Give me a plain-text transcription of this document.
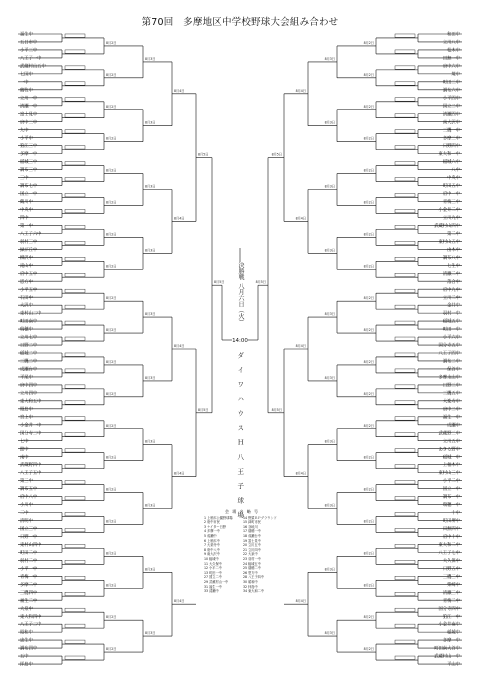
第70回　多摩地区中学校野球大会組み合わせ
福生中
五日市中
小平三中
八王子一中
武蔵村山五中
七国中
一中
鶴牧中
立川一中
清瀬一中
富士見中
府中三中
九中
小平中
狛江三中
多摩一中
稲城三中
調布三中
三中
調布七中
国立一中
鶴川中
中央中
四中
第一中
八王子六中
羽村三中
緑が丘中
柳沢中
滝山中
府中五中
恩方中
小平五中
石田中
大沢中
東村山二中
町田南中
瑞穂中
立川七中
日野二中
稲城二中
三鷹二中
成瀬台中
平尾中
府中四中
立川四中
東大和五中
昭島中
宮上中
小金井一中
国分寺二中
七中
館中
南中
武蔵野四中
八王子五中
第三中
調布五中
府中八中
小川中
二中
清明中
国立三中
日野一中
東村山四中
町田二中
羽村二中
小平一中
青梅一中
多摩二中
三鷹四中
福生二中
大泉中
東大和四中
八王子二中
昭和中
忠生中
調布四中
五中
拝島中
8月2日
8月2日
8月2日
8月2日
8月2日
8月2日
8月2日
8月2日
8月2日
8月2日
8月2日
8月2日
8月2日
8月2日
8月2日
8月2日
8月2日
8月2日
8月2日
8月2日
8月3日
8月3日
8月3日
8月3日
8月3日
8月3日
8月3日
8月3日
8月3日
8月3日
8月4日
8月4日
8月4日
8月4日
8月4日
8月5日
8月5日
8月5日
和田中
立川八中
松木中
田無一中
府中六中
境中
町田三中
調布六中
小平四中
国立二中
清瀬四中
南大沢中
三鷹一中
多摩三中
日野四中
東大和一中
稲城六中
八中
中央中
町田五中
府中一中
青梅三中
小金井二中
立川九中
武蔵村山四中
第二中
東村山五中
由木中
調布八中
七生中
清瀬二中
落合中
府中九中
立川二中
金井中
羽村一中
稲城五中
町田一中
小平六中
国分寺五中
八王子四中
調布二中
保谷中
多摩永山中
日野三中
三鷹五中
大楽寺中
府中二中
福生一中
成瀬中
武蔵野三中
立川五中
あきる野中
稲城一中
上柚木中
東村山三中
小平二中
国立一中
調布一中
瑞穂一中
十中
町田堺中
田無四中
府中十中
東大和二中
八王子七中
大久保中
日野五中
三鷹三中
柴崎中
清瀬三中
青梅二中
国分寺四中
狛江一中
小金井南中
稲城中
多摩一中
町田南大谷中
武蔵村山一中
平山中
8月2日
8月2日
8月2日
8月2日
8月2日
8月2日
8月2日
8月2日
8月2日
8月2日
8月2日
8月2日
8月2日
8月2日
8月2日
8月2日
8月2日
8月2日
8月2日
8月2日
8月3日
8月3日
8月3日
8月3日
8月3日
8月3日
8月3日
8月3日
8月3日
8月3日
8月4日
8月4日
8月4日
8月4日
8月4日
8月5日
8月5日
8月5日
決勝戦
八月六日（火）
14:00
ダイワハウスＨ八王子球場
会 場 名 略 号
1 上柚木公園野球場	14 野猿ＢＰグラウンド
2 府中市民	15 緑町市民
3 ナイター日野	16 谷地川
4 多摩一中	17 瑞穂一中
5 成瀬中	18 成瀬台中
6 上柚木中	19 富士見中
7 大楽寺中	20 立川五中
8 府中八中	21 立川四中
9 南大沢中	22 大泉中
10 稲城中	23 羽村一中
11 大久保中	24 稲城五中
12 小平二中	25 瑞穂二中
13 町田一中	26 恩方中
27 国立二中	28 八王子四中
29 武蔵村山一中	30 昭和中
31 福生一中	32 拝島中
33 清瀬中	34 東大和二中
